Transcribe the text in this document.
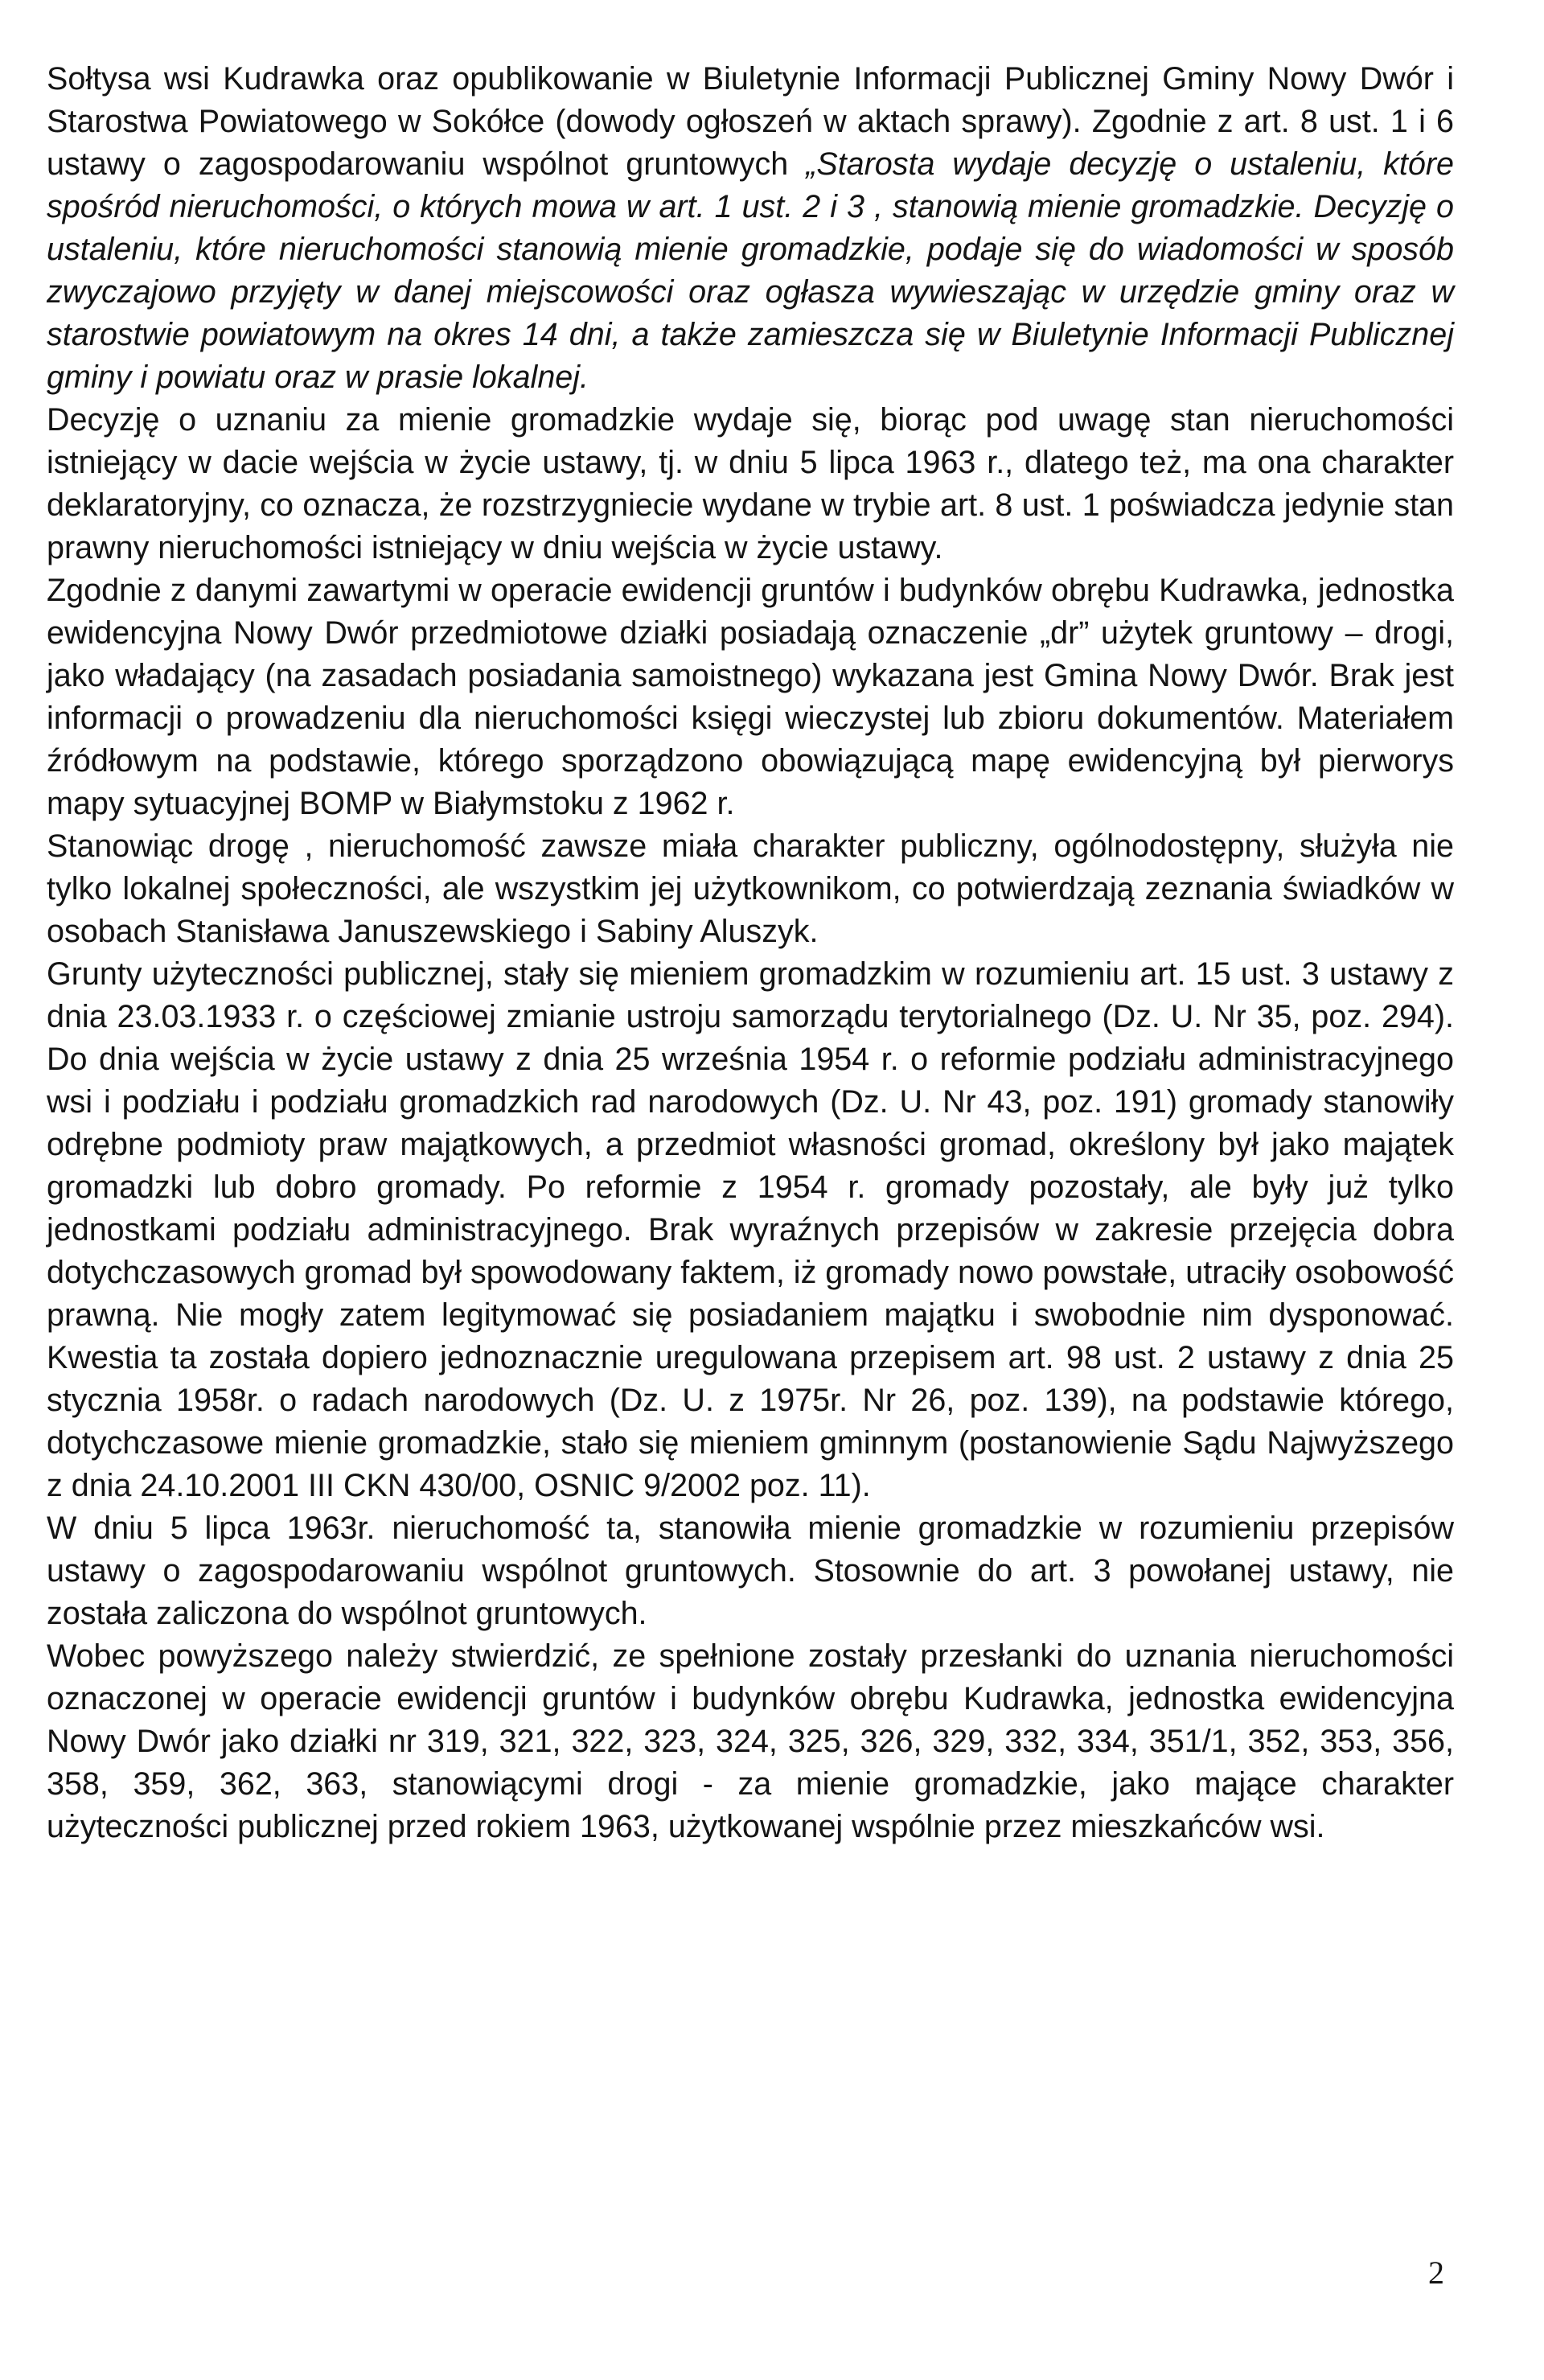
Sołtysa wsi Kudrawka oraz opublikowanie w Biuletynie Informacji Publicznej Gminy Nowy Dwór i Starostwa Powiatowego w Sokółce (dowody ogłoszeń w aktach sprawy). Zgodnie z art. 8 ust. 1 i 6 ustawy o zagospodarowaniu wspólnot gruntowych „Starosta wydaje decyzję o ustaleniu, które spośród nieruchomości, o których mowa w art. 1 ust. 2 i 3 , stanowią mienie gromadzkie. Decyzję o ustaleniu, które nieruchomości stanowią mienie gromadzkie, podaje się do wiadomości w sposób zwyczajowo przyjęty w danej miejscowości oraz ogłasza wywieszając w urzędzie gminy oraz w starostwie powiatowym na okres 14 dni, a także zamieszcza się w Biuletynie Informacji Publicznej gminy i powiatu oraz w prasie lokalnej.

Decyzję o uznaniu za mienie gromadzkie wydaje się, biorąc pod uwagę stan nieruchomości istniejący w dacie wejścia w życie ustawy, tj. w dniu 5 lipca 1963 r., dlatego też, ma ona charakter deklaratoryjny, co oznacza, że rozstrzygniecie wydane w trybie art. 8 ust. 1 poświadcza jedynie stan prawny nieruchomości istniejący w dniu wejścia w życie ustawy.

Zgodnie z danymi zawartymi w operacie ewidencji gruntów i budynków obrębu Kudrawka, jednostka ewidencyjna Nowy Dwór przedmiotowe działki posiadają oznaczenie „dr” użytek gruntowy – drogi, jako władający (na zasadach posiadania samoistnego) wykazana jest Gmina Nowy Dwór. Brak jest informacji o prowadzeniu dla nieruchomości księgi wieczystej lub zbioru dokumentów. Materiałem źródłowym na podstawie, którego sporządzono obowiązującą mapę ewidencyjną był pierworys mapy sytuacyjnej BOMP w Białymstoku z 1962 r.

Stanowiąc drogę , nieruchomość zawsze miała charakter publiczny, ogólnodostępny, służyła nie tylko lokalnej społeczności, ale wszystkim jej użytkownikom, co potwierdzają zeznania świadków w osobach Stanisława Januszewskiego i Sabiny Aluszyk.

Grunty użyteczności publicznej, stały się mieniem gromadzkim w rozumieniu art. 15 ust. 3 ustawy z dnia 23.03.1933 r. o częściowej zmianie ustroju samorządu terytorialnego (Dz. U. Nr 35, poz. 294). Do dnia wejścia w życie ustawy z dnia 25 września 1954 r. o reformie podziału administracyjnego wsi i podziału i podziału gromadzkich rad narodowych (Dz. U. Nr 43, poz. 191) gromady stanowiły odrębne podmioty praw majątkowych, a przedmiot własności gromad, określony był jako majątek gromadzki lub dobro gromady. Po reformie z 1954 r. gromady pozostały, ale były już tylko jednostkami podziału administracyjnego. Brak wyraźnych przepisów w zakresie przejęcia dobra dotychczasowych gromad był spowodowany faktem, iż gromady nowo powstałe, utraciły osobowość prawną. Nie mogły zatem legitymować się posiadaniem majątku i swobodnie nim dysponować. Kwestia ta została dopiero jednoznacznie uregulowana przepisem art. 98 ust. 2 ustawy z dnia 25 stycznia 1958r. o radach narodowych (Dz. U. z 1975r. Nr 26, poz. 139), na podstawie którego, dotychczasowe mienie gromadzkie, stało się mieniem gminnym (postanowienie Sądu Najwyższego z dnia 24.10.2001 III CKN 430/00, OSNIC 9/2002 poz. 11).

W dniu 5 lipca 1963r. nieruchomość ta, stanowiła mienie gromadzkie w rozumieniu przepisów ustawy o zagospodarowaniu wspólnot gruntowych. Stosownie do art. 3 powołanej ustawy, nie została zaliczona do wspólnot gruntowych.

Wobec powyższego należy stwierdzić, ze spełnione zostały przesłanki do uznania nieruchomości oznaczonej w operacie ewidencji gruntów i budynków obrębu Kudrawka, jednostka ewidencyjna Nowy Dwór jako działki nr 319, 321, 322, 323, 324, 325, 326, 329, 332, 334, 351/1, 352, 353, 356, 358, 359, 362, 363, stanowiącymi drogi - za mienie gromadzkie, jako mające charakter użyteczności publicznej przed rokiem 1963, użytkowanej wspólnie przez mieszkańców wsi.

2
